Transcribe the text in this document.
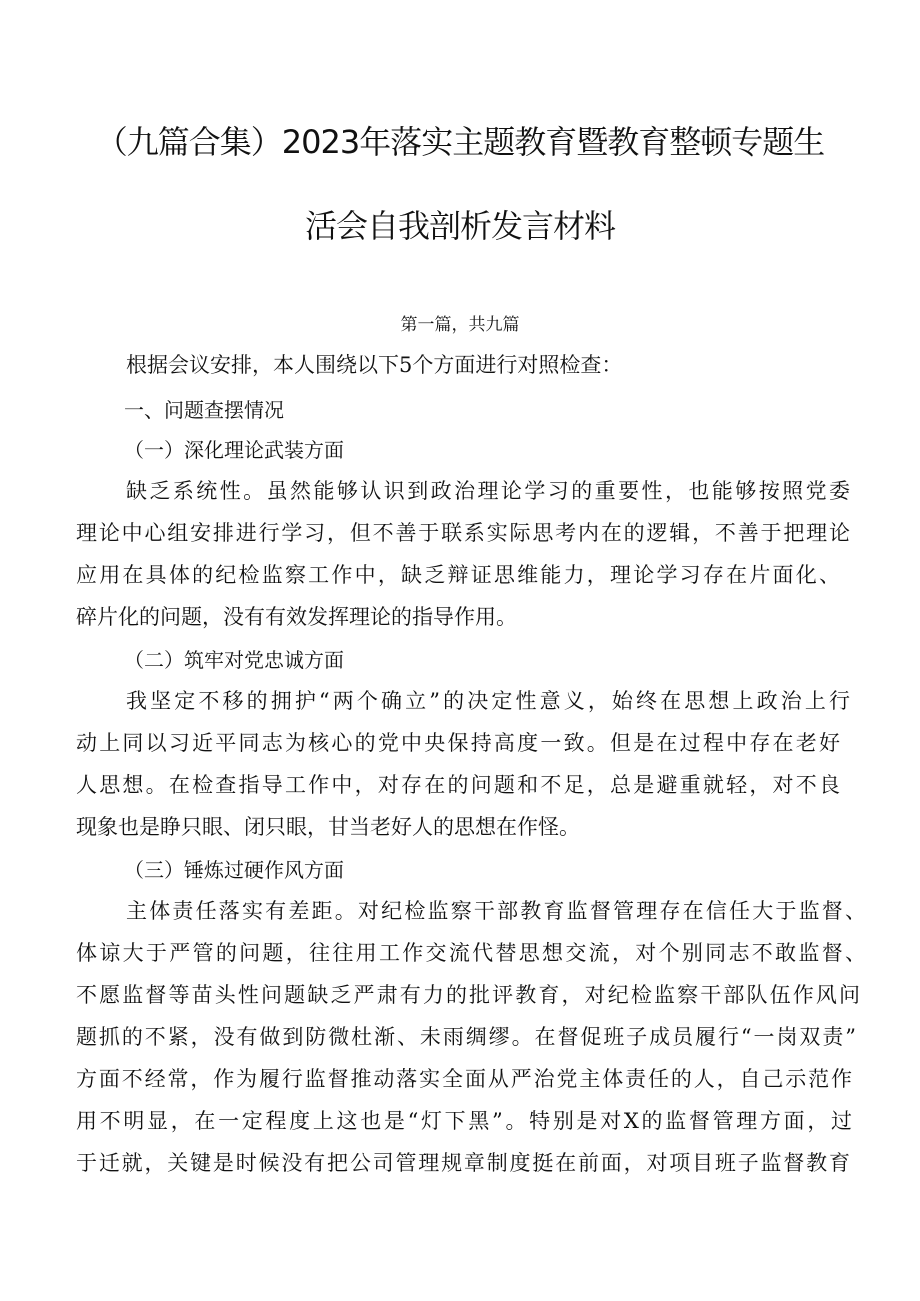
（九篇合集）2023年落实主题教育暨教育整顿专题生
活会自我剖析发言材料
第一篇，共九篇
根据会议安排，本人围绕以下5个方面进行对照检查：
一、问题查摆情况
（一）深化理论武装方面
缺乏系统性。虽然能够认识到政治理论学习的重要性，也能够按照党委
理论中心组安排进行学习，但不善于联系实际思考内在的逻辑，不善于把理论
应用在具体的纪检监察工作中，缺乏辩证思维能力，理论学习存在片面化、
碎片化的问题，没有有效发挥理论的指导作用。
（二）筑牢对党忠诚方面
我坚定不移的拥护“两个确立”的决定性意义，始终在思想上政治上行
动上同以习近平同志为核心的党中央保持高度一致。但是在过程中存在老好
人思想。在检查指导工作中，对存在的问题和不足，总是避重就轻，对不良
现象也是睁只眼、闭只眼，甘当老好人的思想在作怪。
（三）锤炼过硬作风方面
主体责任落实有差距。对纪检监察干部教育监督管理存在信任大于监督、
体谅大于严管的问题，往往用工作交流代替思想交流，对个别同志不敢监督、
不愿监督等苗头性问题缺乏严肃有力的批评教育，对纪检监察干部队伍作风问
题抓的不紧，没有做到防微杜渐、未雨绸缪。在督促班子成员履行“一岗双责”
方面不经常，作为履行监督推动落实全面从严治党主体责任的人，自己示范作
用不明显，在一定程度上这也是“灯下黑”。特别是对X的监督管理方面，过
于迁就，关键是时候没有把公司管理规章制度挺在前面，对项目班子监督教育
